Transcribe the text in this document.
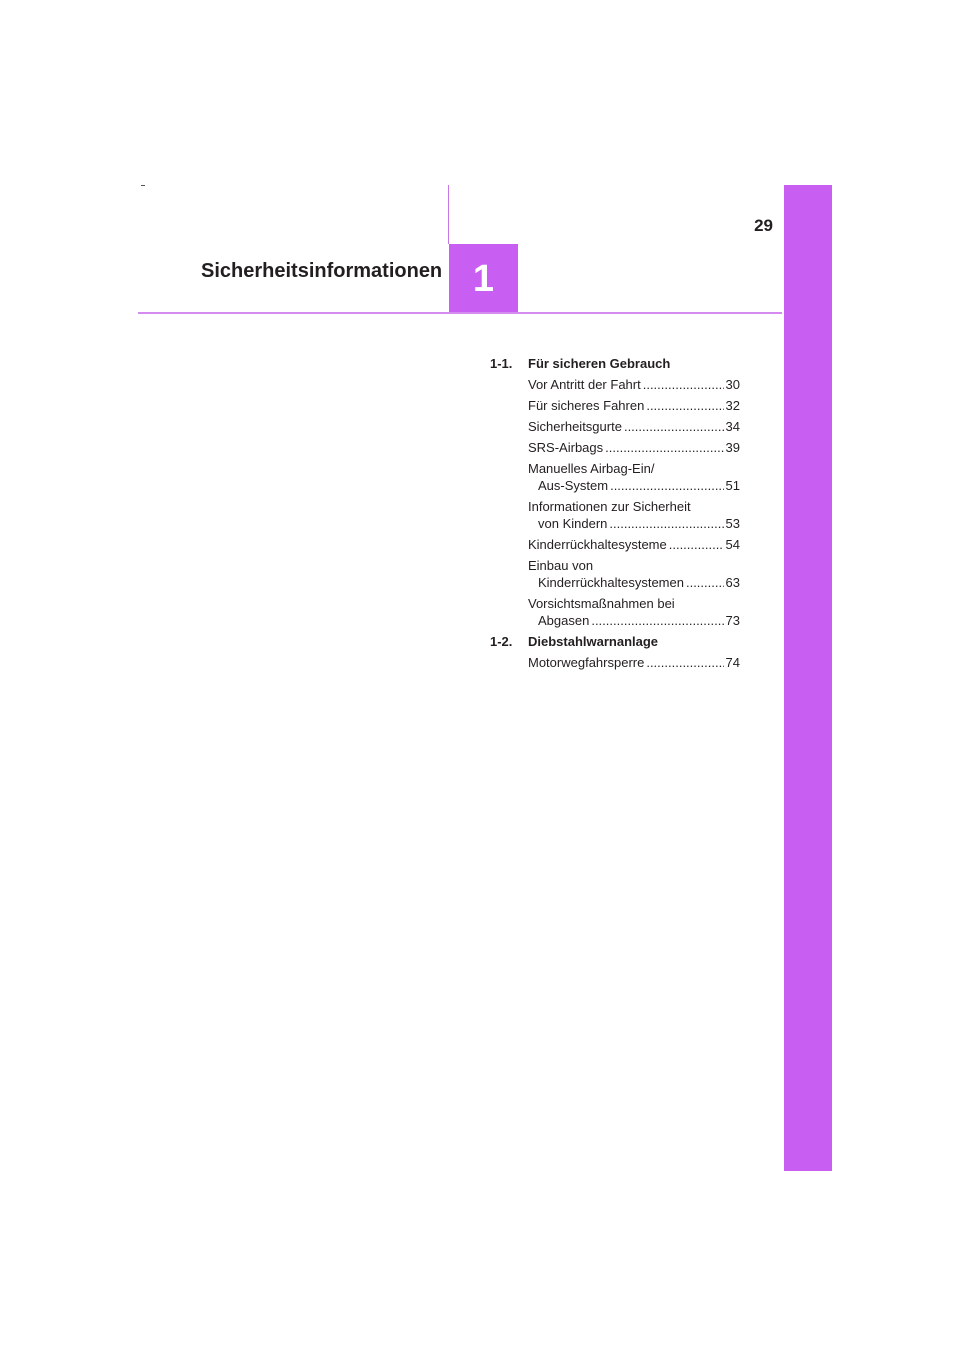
29
Sicherheitsinformationen 1
1-1.	Für sicheren Gebrauch
Vor Antritt der Fahrt .....	30
Für sicheres Fahren .....	32
Sicherheitsgurte .....	34
SRS-Airbags .....	39
Manuelles Airbag-Ein/
Aus-System .....	51
Informationen zur Sicherheit
von Kindern .....	53
Kinderrückhaltesysteme .....	54
Einbau von
Kinderrückhaltesystemen .....	63
Vorsichtsmaßnahmen bei
Abgasen .....	73
1-2.	Diebstahlwarnanlage
Motorwegfahrsperre .....	74
